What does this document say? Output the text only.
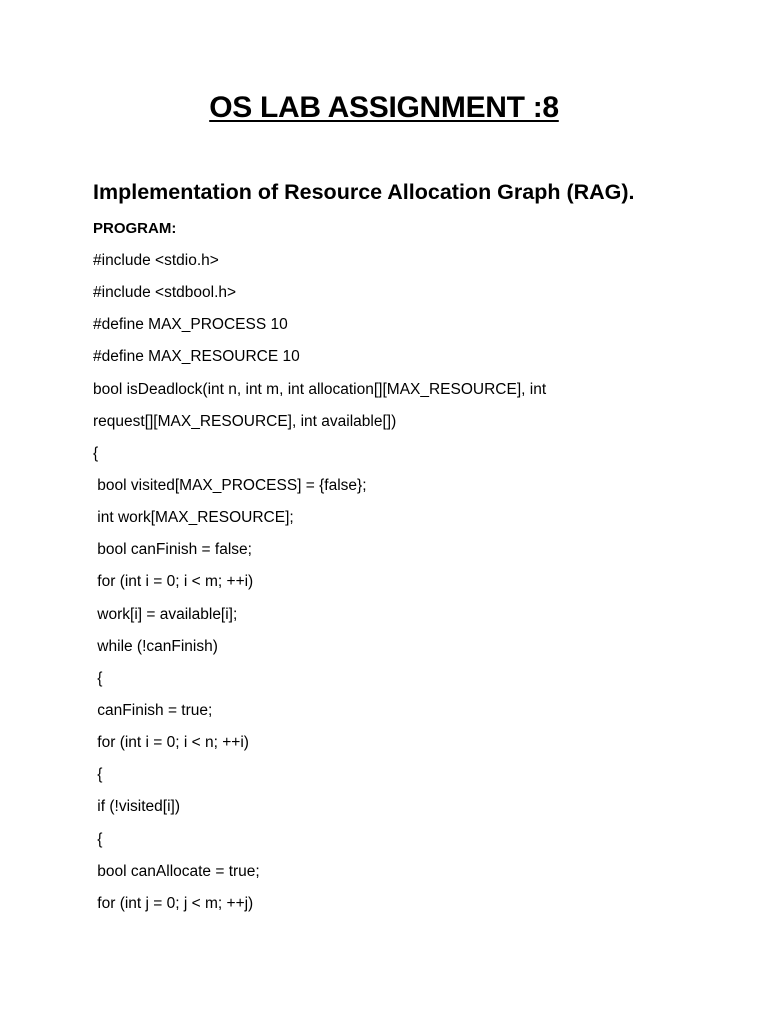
OS LAB ASSIGNMENT :8
Implementation of Resource Allocation Graph (RAG).
PROGRAM:
#include <stdio.h>
#include <stdbool.h>
#define MAX_PROCESS 10
#define MAX_RESOURCE 10
bool isDeadlock(int n, int m, int allocation[][MAX_RESOURCE], int
request[][MAX_RESOURCE], int available[])
{
bool visited[MAX_PROCESS] = {false};
int work[MAX_RESOURCE];
bool canFinish = false;
for (int i = 0; i < m; ++i)
work[i] = available[i];
while (!canFinish)
{
canFinish = true;
for (int i = 0; i < n; ++i)
{
if (!visited[i])
{
bool canAllocate = true;
for (int j = 0; j < m; ++j)
